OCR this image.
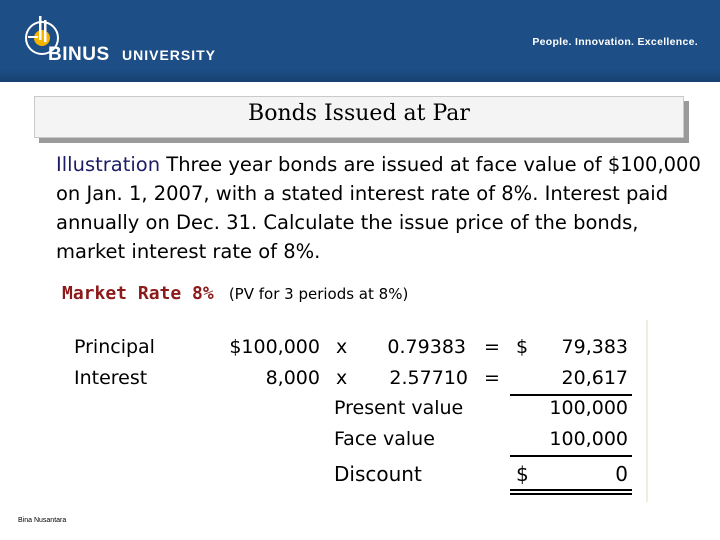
BINUS UNIVERSITY
People. Innovation. Excellence.
Bonds Issued at Par
Illustration Three year bonds are issued at face value of $100,000 on Jan. 1, 2007, with a stated interest rate of 8%. Interest paid annually on Dec. 31. Calculate the issue price of the bonds, market interest rate of 8%.
Market Rate 8% (PV for 3 periods at 8%)
Principal	$100,000 x	0.79383 = $	79,383
Interest	8,000 x	2.57710 =	20,617
Present value	100,000
Face value	100,000
Discount	$	0
Bina Nusantara
